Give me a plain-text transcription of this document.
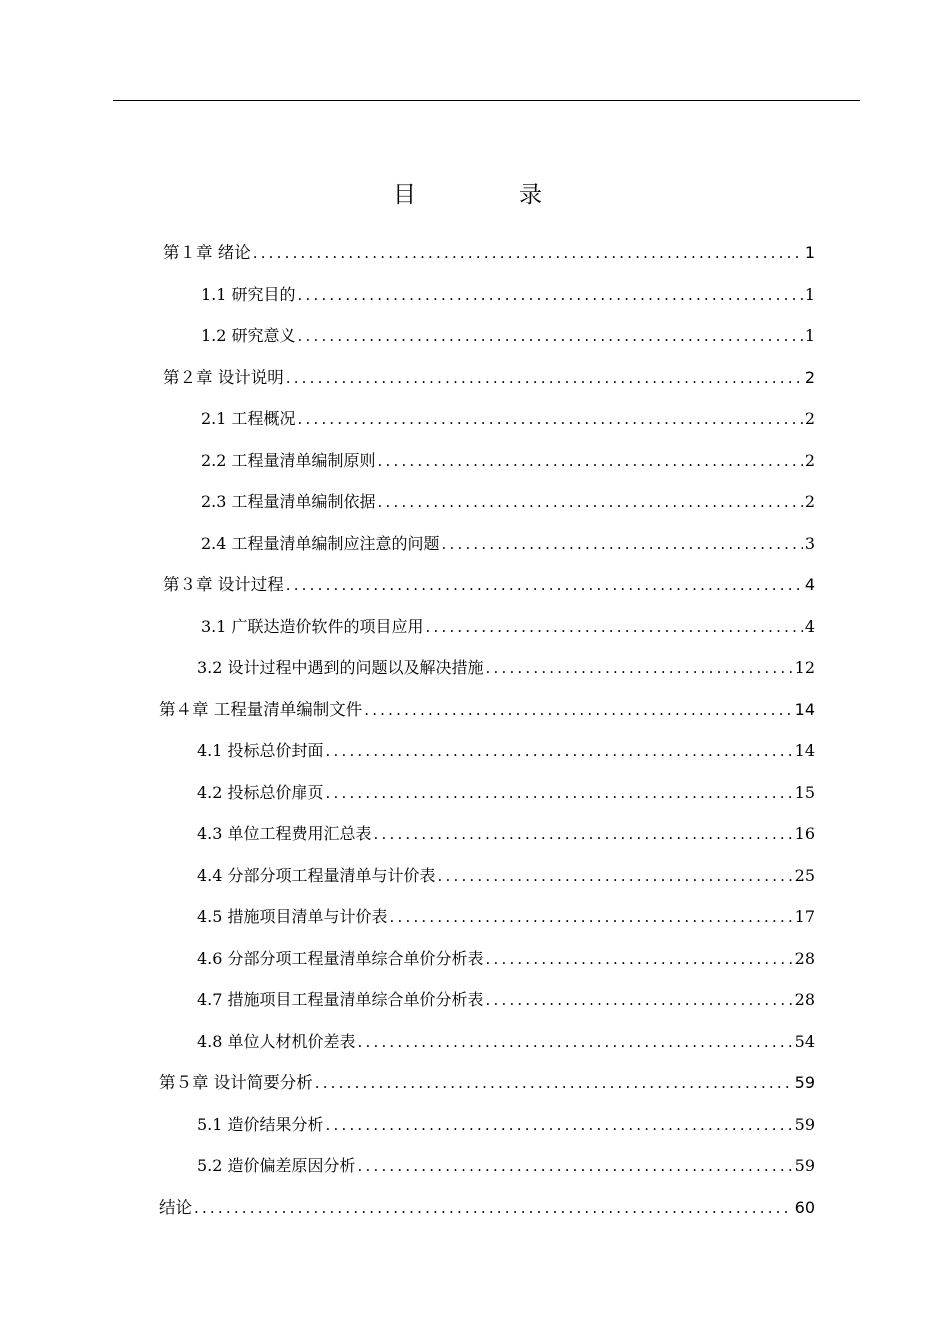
目　录
第１章 绪论 .....	1
1.1 研究目的 .....	1
1.2 研究意义 .....	1
第２章 设计说明 .....	2
2.1 工程概况 .....	2
2.2 工程量清单编制原则 .....	2
2.3 工程量清单编制依据 .....	2
2.4 工程量清单编制应注意的问题 .....	3
第３章 设计过程 .....	4
3.1 广联达造价软件的项目应用 .....	4
3.2 设计过程中遇到的问题以及解决措施 .....	12
第４章 工程量清单编制文件 .....	14
4.1 投标总价封面 .....	14
4.2 投标总价扉页 .....	15
4.3 单位工程费用汇总表 .....	16
4.4 分部分项工程量清单与计价表 .....	25
4.5 措施项目清单与计价表 .....	17
4.6 分部分项工程量清单综合单价分析表 .....	28
4.7 措施项目工程量清单综合单价分析表 .....	28
4.8 单位人材机价差表 .....	54
第５章 设计简要分析 .....	59
5.1 造价结果分析 .....	59
5.2 造价偏差原因分析 .....	59
结论 .....	60
